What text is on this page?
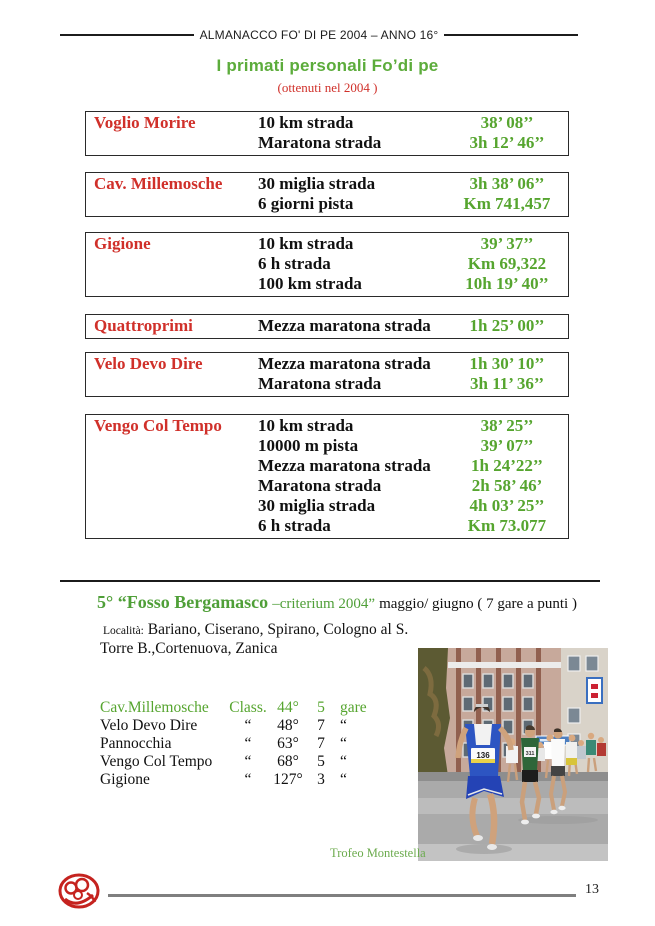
ALMANACCO FO' DI PE 2004 – ANNO 16°
I primati personali Fo’di pe
(ottenuti nel 2004 )
Voglio Morire	10 km strada	38’ 08’’
Maratona strada	3h 12’ 46’’
Cav. Millemosche	30 miglia strada	3h 38’ 06’’
6 giorni pista	Km 741,457
Gigione	10 km strada	39’ 37’’
6 h strada	Km 69,322
100 km strada	10h 19’ 40’’
Quattroprimi	Mezza maratona strada	1h 25’ 00’’
Velo Devo Dire	Mezza maratona strada	1h 30’ 10’’
Maratona strada	3h 11’ 36’’
Vengo Col Tempo	10 km strada	38’ 25’’
10000 m pista	39’ 07’’
Mezza maratona strada	1h 24’22’’
Maratona strada	2h 58’ 46’
30 miglia strada	4h 03’ 25’’
6 h strada	Km 73.077
5° “Fosso Bergamasco –criterium 2004” maggio/ giugno ( 7 gare a punti )
Località: Bariano, Ciserano, Spirano, Cologno al S.
Torre B.,Cortenuova, Zanica
Cav.Millemosche	Class. 44°	5 gare
Velo Devo Dire	“	48°	7 “
Pannocchia	“	63°	7 “
Vengo Col Tempo	“	68°	5 “
Gigione	“	127° 3 “
311
136
Trofeo Montestella
13
